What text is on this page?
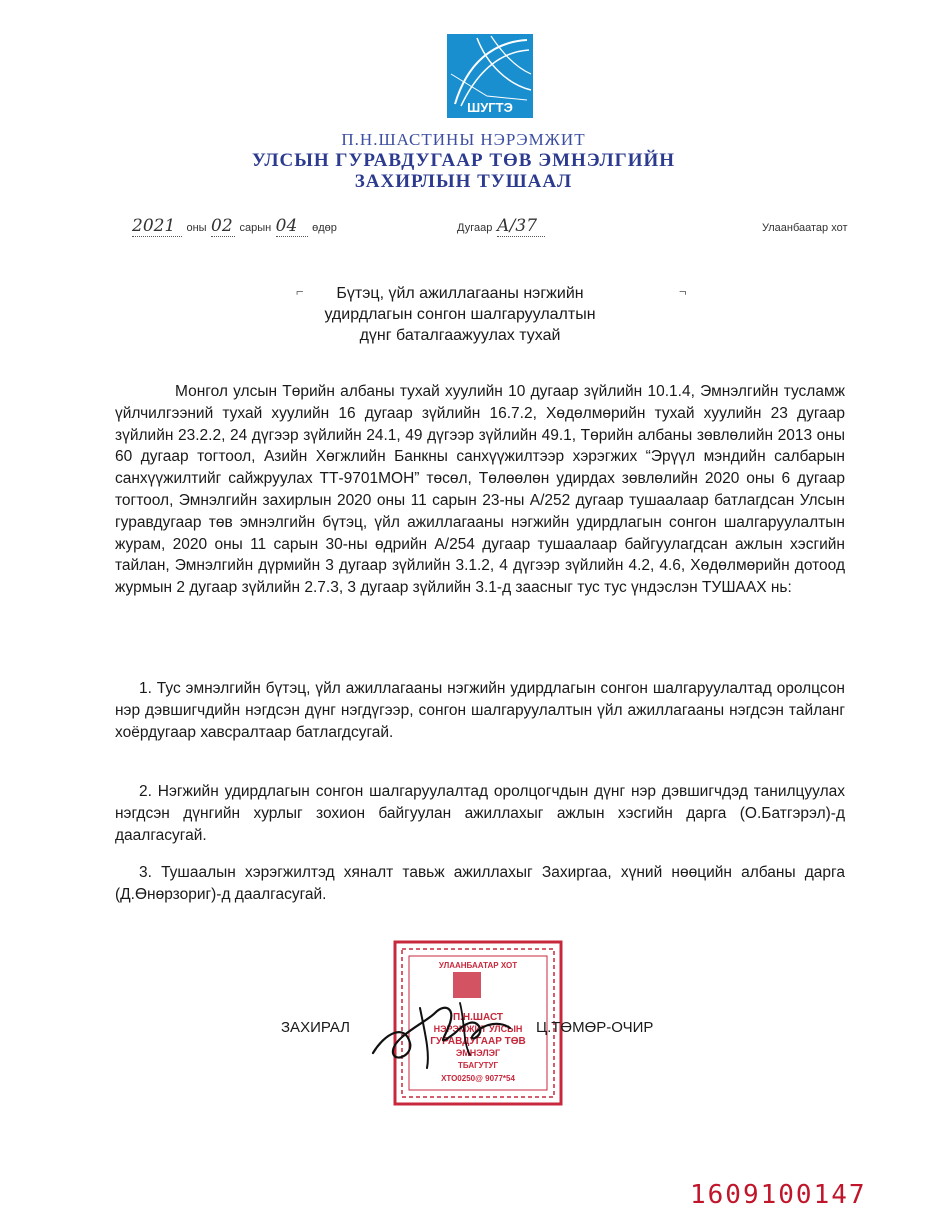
ШУГТЭ
П.Н.ШАСТИНЫ НЭРЭМЖИТ
УЛСЫН ГУРАВДУГААР ТӨВ ЭМНЭЛГИЙН
ЗАХИРЛЫН ТУШААЛ
2021 оны 02 сарын 04 өдөр	Дугаар А/37	Улаанбаатар хот
⌐	¬
Бүтэц, үйл ажиллагааны нэгжийн
удирдлагын сонгон шалгаруулалтын
дүнг баталгаажуулах тухай
Монгол улсын Төрийн албаны тухай хуулийн 10 дугаар зүйлийн 10.1.4, Эмнэлгийн тусламж үйлчилгээний тухай хуулийн 16 дугаар зүйлийн 16.7.2, Хөдөлмөрийн тухай хуулийн 23 дугаар зүйлийн 23.2.2, 24 дүгээр зүйлийн 24.1, 49 дүгээр зүйлийн 49.1, Төрийн албаны зөвлөлийн 2013 оны 60 дугаар тогтоол, Азийн Хөгжлийн Банкны санхүүжилтээр хэрэгжих “Эрүүл мэндийн салбарын санхүүжилтийг сайжруулах ТТ-9701МОН” төсөл, Төлөөлөн удирдах зөвлөлийн 2020 оны 6 дугаар тогтоол, Эмнэлгийн захирлын 2020 оны 11 сарын 23-ны А/252 дугаар тушаалаар батлагдсан Улсын гуравдугаар төв эмнэлгийн бүтэц, үйл ажиллагааны нэгжийн удирдлагын сонгон шалгаруулалтын журам, 2020 оны 11 сарын 30-ны өдрийн А/254 дугаар тушаалаар байгуулагдсан ажлын хэсгийн тайлан, Эмнэлгийн дүрмийн 3 дугаар зүйлийн 3.1.2, 4 дүгээр зүйлийн 4.2, 4.6, Хөдөлмөрийн дотоод журмын 2 дугаар зүйлийн 2.7.3, 3 дугаар зүйлийн 3.1-д заасныг тус тус үндэслэн ТУШААХ нь:
1. Тус эмнэлгийн бүтэц, үйл ажиллагааны нэгжийн удирдлагын сонгон шалгаруулалтад оролцсон нэр дэвшигчдийн нэгдсэн дүнг нэгдүгээр, сонгон шалгаруулалтын үйл ажиллагааны нэгдсэн тайланг хоёрдугаар хавсралтаар батлагдсугай.
2. Нэгжийн удирдлагын сонгон шалгаруулалтад оролцогчдын дүнг нэр дэвшигчдэд танилцуулах нэгдсэн дүнгийн хурлыг зохион байгуулан ажиллахыг ажлын хэсгийн дарга (О.Батгэрэл)-д даалгасугай.
3. Тушаалын хэрэгжилтэд хяналт тавьж ажиллахыг Захиргаа, хүний нөөцийн албаны дарга (Д.Өнөрзориг)-д даалгасугай.
УЛААНБААТАР ХОТ
П.Н.ШАСТ
НЭРЭМЖИТ УЛСЫН
ГУРАВДУГААР ТӨВ
ЭМНЭЛЭГ
ТБАГУТУГ
ХТО0250@ 9077*54
ЗАХИРАЛ	Ц.ТӨМӨР-ОЧИР
1609100147
